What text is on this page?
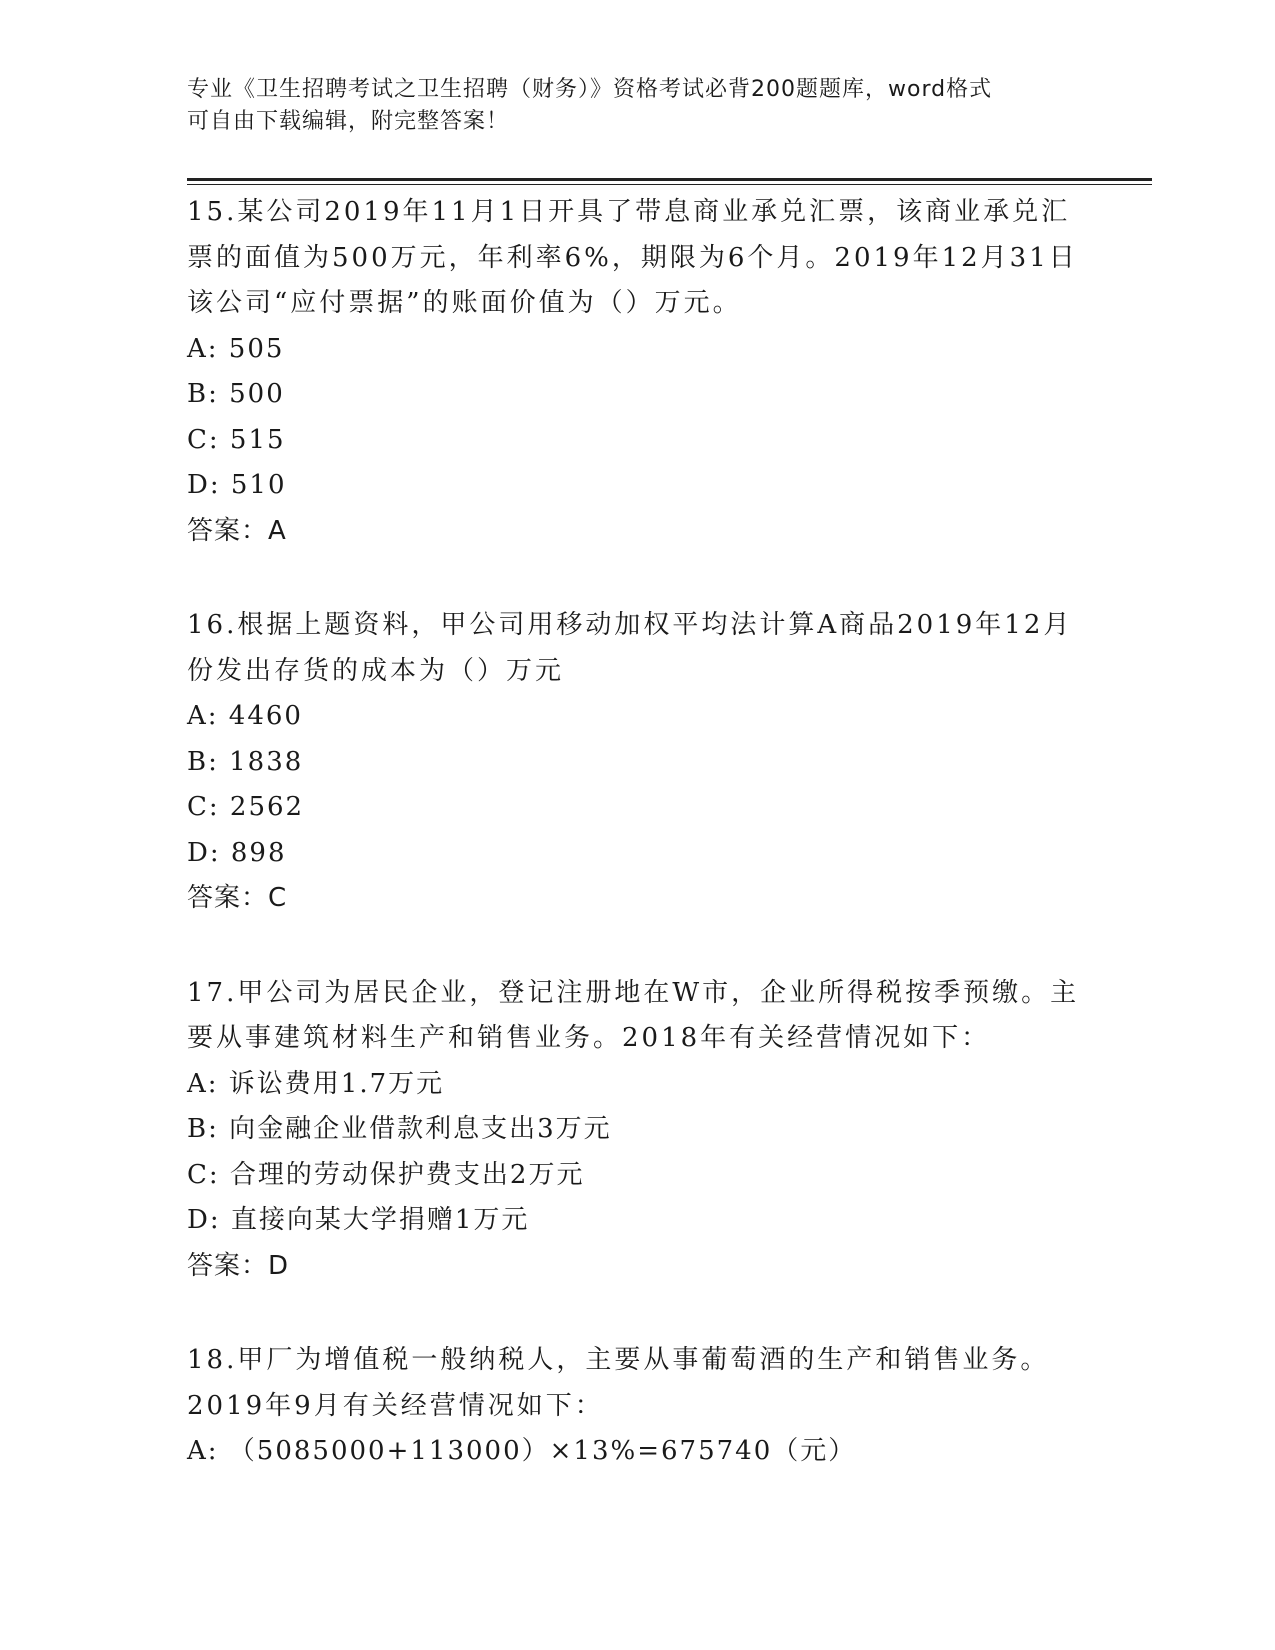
专业《卫生招聘考试之卫生招聘（财务）》资格考试必背200题题库，word格式
可自由下载编辑，附完整答案！

15.某公司2019年11月1日开具了带息商业承兑汇票，该商业承兑汇票的面值为500万元，年利率6%，期限为6个月。2019年12月31日该公司“应付票据”的账面价值为（）万元。

A: 505

B: 500

C: 515

D: 510

答案：A

16.根据上题资料，甲公司用移动加权平均法计算A商品2019年12月份发出存货的成本为（）万元

A: 4460

B: 1838

C: 2562

D: 898

答案：C

17.甲公司为居民企业，登记注册地在W市，企业所得税按季预缴。主要从事建筑材料生产和销售业务。2018年有关经营情况如下：

A: 诉讼费用1.7万元

B: 向金融企业借款利息支出3万元

C: 合理的劳动保护费支出2万元

D: 直接向某大学捐赠1万元

答案：D

18.甲厂为增值税一般纳税人，主要从事葡萄酒的生产和销售业务。2019年9月有关经营情况如下：

A: （5085000+113000）×13%=675740（元）
